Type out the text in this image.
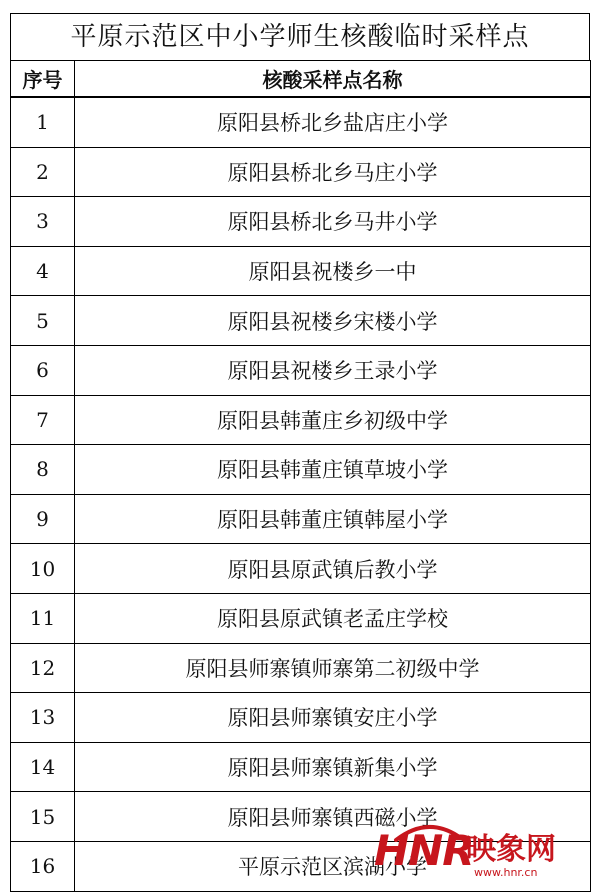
平原示范区中小学师生核酸临时采样点
序号	核酸采样点名称
1	原阳县桥北乡盐店庄小学
2	原阳县桥北乡马庄小学
3	原阳县桥北乡马井小学
4	原阳县祝楼乡一中
5	原阳县祝楼乡宋楼小学
6	原阳县祝楼乡王录小学
7	原阳县韩董庄乡初级中学
8	原阳县韩董庄镇草坡小学
9	原阳县韩董庄镇韩屋小学
10	原阳县原武镇后教小学
11	原阳县原武镇老孟庄学校
12	原阳县师寨镇师寨第二初级中学
13	原阳县师寨镇安庄小学
14	原阳县师寨镇新集小学
15	原阳县师寨镇西磁小学
16	平原示范区滨湖小学
HNR
映象网
www.hnr.cn
